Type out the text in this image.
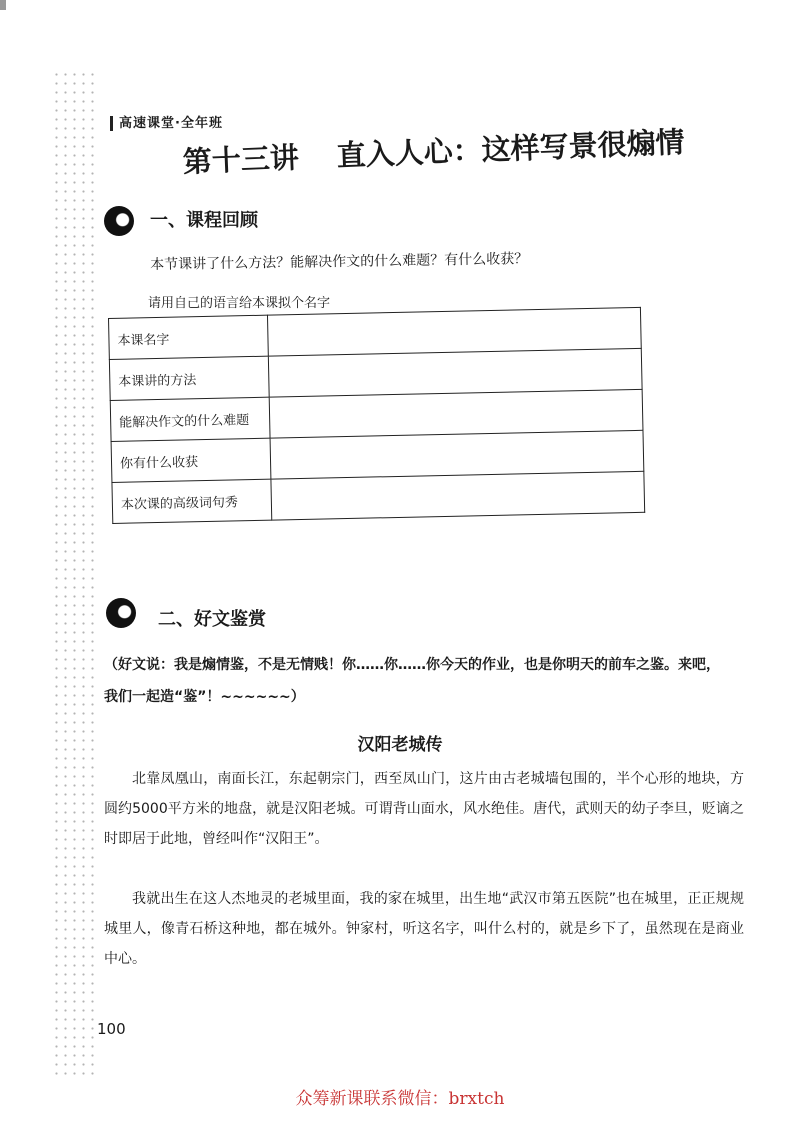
高速课堂·全年班
第十三讲 直入人心：这样写景很煽情
一、课程回顾
本节课讲了什么方法？能解决作文的什么难题？有什么收获？
请用自己的语言给本课拟个名字
本课名字	
本课讲的方法	
能解决作文的什么难题	
你有什么收获	
本次课的高级词句秀	
二、好文鉴赏
（好文说：我是煽情鉴，不是无情贱！你……你……你今天的作业，也是你明天的前车之鉴。来吧，
我们一起造“鉴”！~~~~~~）
汉阳老城传
北靠凤凰山，南面长江，东起朝宗门，西至凤山门，这片由古老城墙包围的，半个心形的地块，方圆约5000平方米的地盘，就是汉阳老城。可谓背山面水，风水绝佳。唐代，武则天的幼子李旦，贬谪之时即居于此地，曾经叫作“汉阳王”。
我就出生在这人杰地灵的老城里面，我的家在城里，出生地“武汉市第五医院”也在城里，正正规规城里人，像青石桥这种地，都在城外。钟家村，听这名字，叫什么村的，就是乡下了，虽然现在是商业中心。
100
众筹新课联系微信：brxtch
